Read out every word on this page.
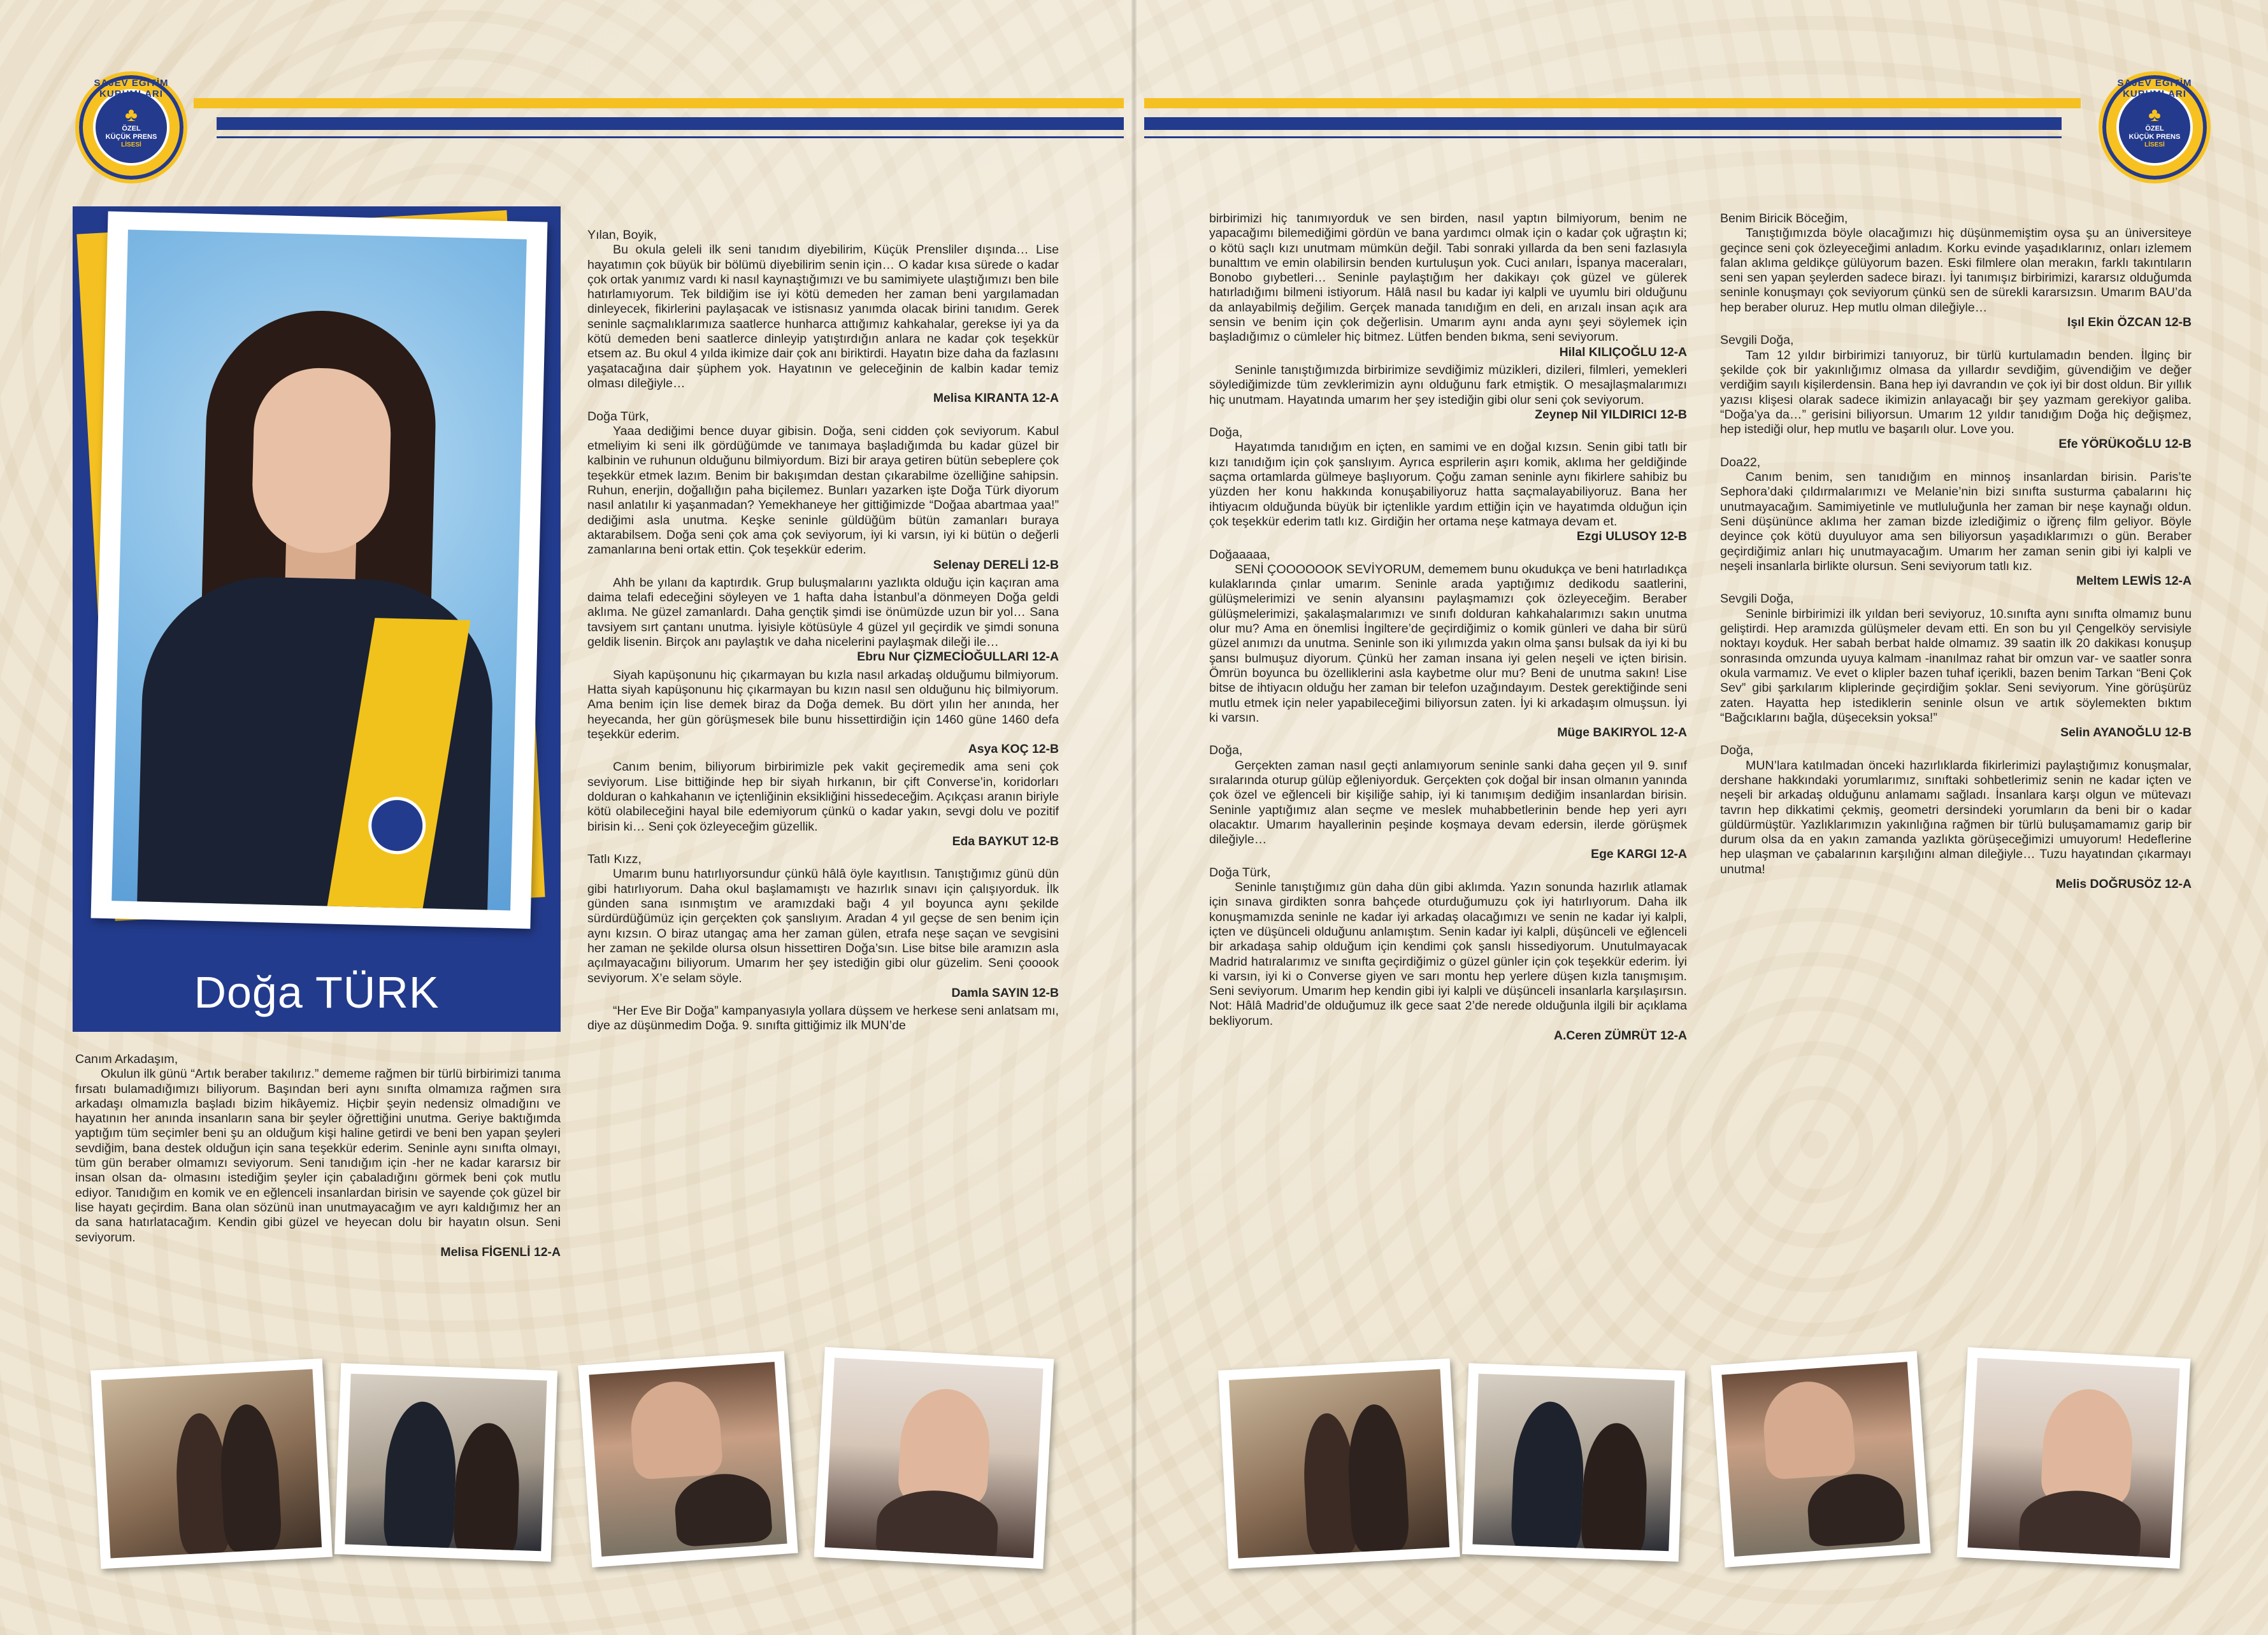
♣
ÖZEL
KÜÇÜK PRENS
LİSESİ
SAJEV EĞİTİM KURUMLARI
♣
ÖZEL
KÜÇÜK PRENS
LİSESİ
SAJEV EĞİTİM KURUMLARI
Doğa TÜRK

Canım Arkadaşım,

Okulun ilk günü “Artık beraber takılırız.” dememe rağmen bir türlü birbirimizi tanıma fırsatı bulamadığımızı biliyorum. Başından beri aynı sınıfta olmamıza rağmen sıra arkadaşı olmamızla başladı bizim hikâyemiz. Hiçbir şeyin nedensiz olmadığını ve hayatının her anında insanların sana bir şeyler öğrettiğini unutma. Geriye baktığımda yaptığım tüm seçimler beni şu an olduğum kişi haline getirdi ve beni ben yapan şeyleri sevdiğim, bana destek olduğun için sana teşekkür ederim. Seninle aynı sınıfta olmayı, tüm gün beraber olmamızı seviyorum. Seni tanıdığım için -her ne kadar kararsız bir insan olsan da- olmasını istediğim şeyler için çabaladığını görmek beni çok mutlu ediyor. Tanıdığım en komik ve en eğlenceli insanlardan birisin ve sayende çok güzel bir lise hayatı geçirdim. Bana olan sözünü inan unutmayacağım ve ayrı kaldığımız her an da sana hatırlatacağım. Kendin gibi güzel ve heyecan dolu bir hayatın olsun. Seni seviyorum.

Melisa FİGENLİ 12-A

Yılan, Boyik,

Bu okula geleli ilk seni tanıdım diyebilirim, Küçük Prensliler dışında… Lise hayatımın çok büyük bir bölümü diyebilirim senin için… O kadar kısa sürede o kadar çok ortak yanımız vardı ki nasıl kaynaştığımızı ve bu samimiyete ulaştığımızı ben bile hatırlamıyorum. Tek bildiğim ise iyi kötü demeden her zaman beni yargılamadan dinleyecek, fikirlerini paylaşacak ve istisnasız yanımda olacak birini tanıdım. Gerek seninle saçmalıklarımıza saatlerce hunharca attığımız kahkahalar, gerekse iyi ya da kötü demeden beni saatlerce dinleyip yatıştırdığın anlara ne kadar çok teşekkür etsem az. Bu okul 4 yılda ikimize dair çok anı biriktirdi. Hayatın bize daha da fazlasını yaşatacağına dair şüphem yok. Hayatının ve geleceğinin de kalbin kadar temiz olması dileğiyle…

Melisa KIRANTA 12-A

Doğa Türk,

Yaaa dediğimi bence duyar gibisin. Doğa, seni cidden çok seviyorum. Kabul etmeliyim ki seni ilk gördüğümde ve tanımaya başladığımda bu kadar güzel bir kalbinin ve ruhunun olduğunu bilmiyordum. Bizi bir araya getiren bütün sebeplere çok teşekkür etmek lazım. Benim bir bakışımdan destan çıkarabilme özelliğine sahipsin. Ruhun, enerjin, doğallığın paha biçilemez. Bunları yazarken işte Doğa Türk diyorum nasıl anlatılır ki yaşanmadan? Yemekhaneye her gittiğimizde “Doğaa abartmaa yaa!” dediğimi asla unutma. Keşke seninle güldüğüm bütün zamanları buraya aktarabilsem. Doğa seni çok ama çok seviyorum, iyi ki varsın, iyi ki bütün o değerli zamanlarına beni ortak ettin. Çok teşekkür ederim.

Selenay DERELİ 12-B

Ahh be yılanı da kaptırdık. Grup buluşmalarını yazlıkta olduğu için kaçıran ama daima telafi edeceğini söyleyen ve 1 hafta daha İstanbul’a dönmeyen Doğa geldi aklıma. Ne güzel zamanlardı. Daha gençtik şimdi ise önümüzde uzun bir yol… Sana tavsiyem sırt çantanı unutma. İyisiyle kötüsüyle 4 güzel yıl geçirdik ve şimdi sonuna geldik lisenin. Birçok anı paylaştık ve daha nicelerini paylaşmak dileği ile…

Ebru Nur ÇİZMECİOĞULLARI 12-A

Siyah kapüşonunu hiç çıkarmayan bu kızla nasıl arkadaş olduğumu bilmiyorum. Hatta siyah kapüşonunu hiç çıkarmayan bu kızın nasıl sen olduğunu hiç bilmiyorum. Ama benim için lise demek biraz da Doğa demek. Bu dört yılın her anında, her heyecanda, her gün görüşmesek bile bunu hissettirdiğin için 1460 güne 1460 defa teşekkür ederim.

Asya KOÇ 12-B

Canım benim, biliyorum birbirimizle pek vakit geçiremedik ama seni çok seviyorum. Lise bittiğinde hep bir siyah hırkanın, bir çift Converse’in, koridorları dolduran o kahkahanın ve içtenliğinin eksikliğini hissedeceğim. Açıkçası aranın biriyle kötü olabileceğini hayal bile edemiyorum çünkü o kadar yakın, sevgi dolu ve pozitif birisin ki… Seni çok özleyeceğim güzellik.

Eda BAYKUT 12-B

Tatlı Kızz,

Umarım bunu hatırlıyorsundur çünkü hâlâ öyle kayıtlısın. Tanıştığımız günü dün gibi hatırlıyorum. Daha okul başlamamıştı ve hazırlık sınavı için çalışıyorduk. İlk günden sana ısınmıştım ve aramızdaki bağı 4 yıl boyunca aynı şekilde sürdürdüğümüz için gerçekten çok şanslıyım. Aradan 4 yıl geçse de sen benim için aynı kızsın. O biraz utangaç ama her zaman gülen, etrafa neşe saçan ve sevgisini her zaman ne şekilde olursa olsun hissettiren Doğa’sın. Lise bitse bile aramızın asla açılmayacağını biliyorum. Umarım her şey istediğin gibi olur güzelim. Seni çooook seviyorum. X’e selam söyle.

Damla SAYIN 12-B

“Her Eve Bir Doğa” kampanyasıyla yollara düşsem ve herkese seni anlatsam mı, diye az düşünmedim Doğa. 9. sınıfta gittiğimiz ilk MUN’de

birbirimizi hiç tanımıyorduk ve sen birden, nasıl yaptın bilmiyorum, benim ne yapacağımı bilemediğimi gördün ve bana yardımcı olmak için o kadar çok uğraştın ki; o kötü saçlı kızı unutmam mümkün değil. Tabi sonraki yıllarda da ben seni fazlasıyla bunalttım ve emin olabilirsin benden kurtuluşun yok. Cuci anıları, İspanya maceraları, Bonobo gıybetleri… Seninle paylaştığım her dakikayı çok güzel ve gülerek hatırladığımı bilmeni istiyorum. Hâlâ nasıl bu kadar iyi kalpli ve uyumlu biri olduğunu da anlayabilmiş değilim. Gerçek manada tanıdığım en deli, en arızalı insan açık ara sensin ve benim için çok değerlisin. Umarım aynı anda aynı şeyi söylemek için başladığımız o cümleler hiç bitmez. Lütfen benden bıkma, seni seviyorum.

Hilal KILIÇOĞLU 12-A

Seninle tanıştığımızda birbirimize sevdiğimiz müzikleri, dizileri, filmleri, yemekleri söylediğimizde tüm zevklerimizin aynı olduğunu fark etmiştik. O mesajlaşmalarımızı hiç unutmam. Hayatında umarım her şey istediğin gibi olur seni çok seviyorum.

Zeynep Nil YILDIRICI 12-B

Doğa,

Hayatımda tanıdığım en içten, en samimi ve en doğal kızsın. Senin gibi tatlı bir kızı tanıdığım için çok şanslıyım. Ayrıca esprilerin aşırı komik, aklıma her geldiğinde saçma ortamlarda gülmeye başlıyorum. Çoğu zaman seninle aynı fikirlere sahibiz bu yüzden her konu hakkında konuşabiliyoruz hatta saçmalayabiliyoruz. Bana her ihtiyacım olduğunda büyük bir içtenlikle yardım ettiğin için ve hayatımda olduğun için çok teşekkür ederim tatlı kız. Girdiğin her ortama neşe katmaya devam et.

Ezgi ULUSOY 12-B

Doğaaaaa,

SENİ ÇOOOOOOK SEVİYORUM, dememem bunu okudukça ve beni hatırladıkça kulaklarında çınlar umarım. Seninle arada yaptığımız dedikodu saatlerini, gülüşmelerimizi ve senin alyansını paylaşmamızı çok özleyeceğim. Beraber gülüşmelerimizi, şakalaşmalarımızı ve sınıfı dolduran kahkahalarımızı sakın unutma olur mu? Ama en önemlisi İngiltere’de geçirdiğimiz o komik günleri ve daha bir sürü güzel anımızı da unutma. Seninle son iki yılımızda yakın olma şansı bulsak da iyi ki bu şansı bulmuşuz diyorum. Çünkü her zaman insana iyi gelen neşeli ve içten birisin. Ömrün boyunca bu özelliklerini asla kaybetme olur mu? Beni de unutma sakın! Lise bitse de ihtiyacın olduğu her zaman bir telefon uzağındayım. Destek gerektiğinde seni mutlu etmek için neler yapabileceğimi biliyorsun zaten. İyi ki arkadaşım olmuşsun. İyi ki varsın.

Müge BAKIRYOL 12-A

Doğa,

Gerçekten zaman nasıl geçti anlamıyorum seninle sanki daha geçen yıl 9. sınıf sıralarında oturup gülüp eğleniyorduk. Gerçekten çok doğal bir insan olmanın yanında çok özel ve eğlenceli bir kişiliğe sahip, iyi ki tanımışım dediğim insanlardan birisin. Seninle yaptığımız alan seçme ve meslek muhabbetlerinin bende hep yeri ayrı olacaktır. Umarım hayallerinin peşinde koşmaya devam edersin, ilerde görüşmek dileğiyle…

Ege KARGI 12-A

Doğa Türk,

Seninle tanıştığımız gün daha dün gibi aklımda. Yazın sonunda hazırlık atlamak için sınava girdikten sonra bahçede oturduğumuzu çok iyi hatırlıyorum. Daha ilk konuşmamızda seninle ne kadar iyi arkadaş olacağımızı ve senin ne kadar iyi kalpli, içten ve düşünceli olduğunu anlamıştım. Senin kadar iyi kalpli, düşünceli ve eğlenceli bir arkadaşa sahip olduğum için kendimi çok şanslı hissediyorum. Unutulmayacak Madrid hatıralarımız ve sınıfta geçirdiğimiz o güzel günler için çok teşekkür ederim. İyi ki varsın, iyi ki o Converse giyen ve sarı montu hep yerlere düşen kızla tanışmışım. Seni seviyorum. Umarım hep kendin gibi iyi kalpli ve düşünceli insanlarla karşılaşırsın. Not: Hâlâ Madrid’de olduğumuz ilk gece saat 2’de nerede olduğunla ilgili bir açıklama bekliyorum.

A.Ceren ZÜMRÜT 12-A

Benim Biricik Böceğim,

Tanıştığımızda böyle olacağımızı hiç düşünmemiştim oysa şu an üniversiteye geçince seni çok özleyeceğimi anladım. Korku evinde yaşadıklarınız, onları izlemem falan aklıma geldikçe gülüyorum bazen. Eski filmlere olan merakın, farklı takıntıların seni sen yapan şeylerden sadece birazı. İyi tanımışız birbirimizi, kararsız olduğumda seninle konuşmayı çok seviyorum çünkü sen de sürekli kararsızsın. Umarım BAU’da hep beraber oluruz. Hep mutlu olman dileğiyle…

Işıl Ekin ÖZCAN 12-B

Sevgili Doğa,

Tam 12 yıldır birbirimizi tanıyoruz, bir türlü kurtulamadın benden. İlginç bir şekilde çok bir yakınlığımız olmasa da yıllardır sevdiğim, güvendiğim ve değer verdiğim sayılı kişilerdensin. Bana hep iyi davrandın ve çok iyi bir dost oldun. Bir yıllık yazısı klişesi olarak sadece ikimizin anlayacağı bir şey yazmam gerekiyor galiba. “Doğa’ya da…” gerisini biliyorsun. Umarım 12 yıldır tanıdığım Doğa hiç değişmez, hep istediği olur, hep mutlu ve başarılı olur. Love you.

Efe YÖRÜKOĞLU 12-B

Doa22,

Canım benim, sen tanıdığım en minnoş insanlardan birisin. Paris’te Sephora’daki çıldırmalarımızı ve Melanie’nin bizi sınıfta susturma çabalarını hiç unutmayacağım. Samimiyetinle ve mutluluğunla her zaman bir neşe kaynağı oldun. Seni düşününce aklıma her zaman bizde izlediğimiz o iğrenç film geliyor. Böyle deyince çok kötü duyuluyor ama sen biliyorsun yaşadıklarımızı o gün. Beraber geçirdiğimiz anları hiç unutmayacağım. Umarım her zaman senin gibi iyi kalpli ve neşeli insanlarla birlikte olursun. Seni seviyorum tatlı kız.

Meltem LEWİS 12-A

Sevgili Doğa,

Seninle birbirimizi ilk yıldan beri seviyoruz, 10.sınıfta aynı sınıfta olmamız bunu geliştirdi. Hep aramızda gülüşmeler devam etti. En son bu yıl Çengelköy servisiyle noktayı koyduk. Her sabah berbat halde olmamız. 39 saatin ilk 20 dakikası konuşup sonrasında omzunda uyuya kalmam -inanılmaz rahat bir omzun var- ve saatler sonra okula varmamız. Ve evet o klipler bazen tuhaf içerikli, bazen benim Tarkan “Beni Çok Sev” gibi şarkılarım kliplerinde geçirdiğim şoklar. Seni seviyorum. Yine görüşürüz zaten. Hayatta hep istediklerin seninle olsun ve artık söylemekten bıktım “Bağcıklarını bağla, düşeceksin yoksa!”

Selin AYANOĞLU 12-B

Doğa,

MUN’lara katılmadan önceki hazırlıklarda fikirlerimizi paylaştığımız konuşmalar, dershane hakkındaki yorumlarımız, sınıftaki sohbetlerimiz senin ne kadar içten ve neşeli bir arkadaş olduğunu anlamamı sağladı. İnsanlara karşı olgun ve mütevazı tavrın hep dikkatimi çekmiş, geometri dersindeki yorumların da beni bir o kadar güldürmüştür. Yazlıklarımızın yakınlığına rağmen bir türlü buluşamamamız garip bir durum olsa da en yakın zamanda yazlıkta görüşeceğimizi umuyorum! Hedeflerine hep ulaşman ve çabalarının karşılığını alman dileğiyle… Tuzu hayatından çıkarmayı unutma!

Melis DOĞRUSÖZ 12-A
